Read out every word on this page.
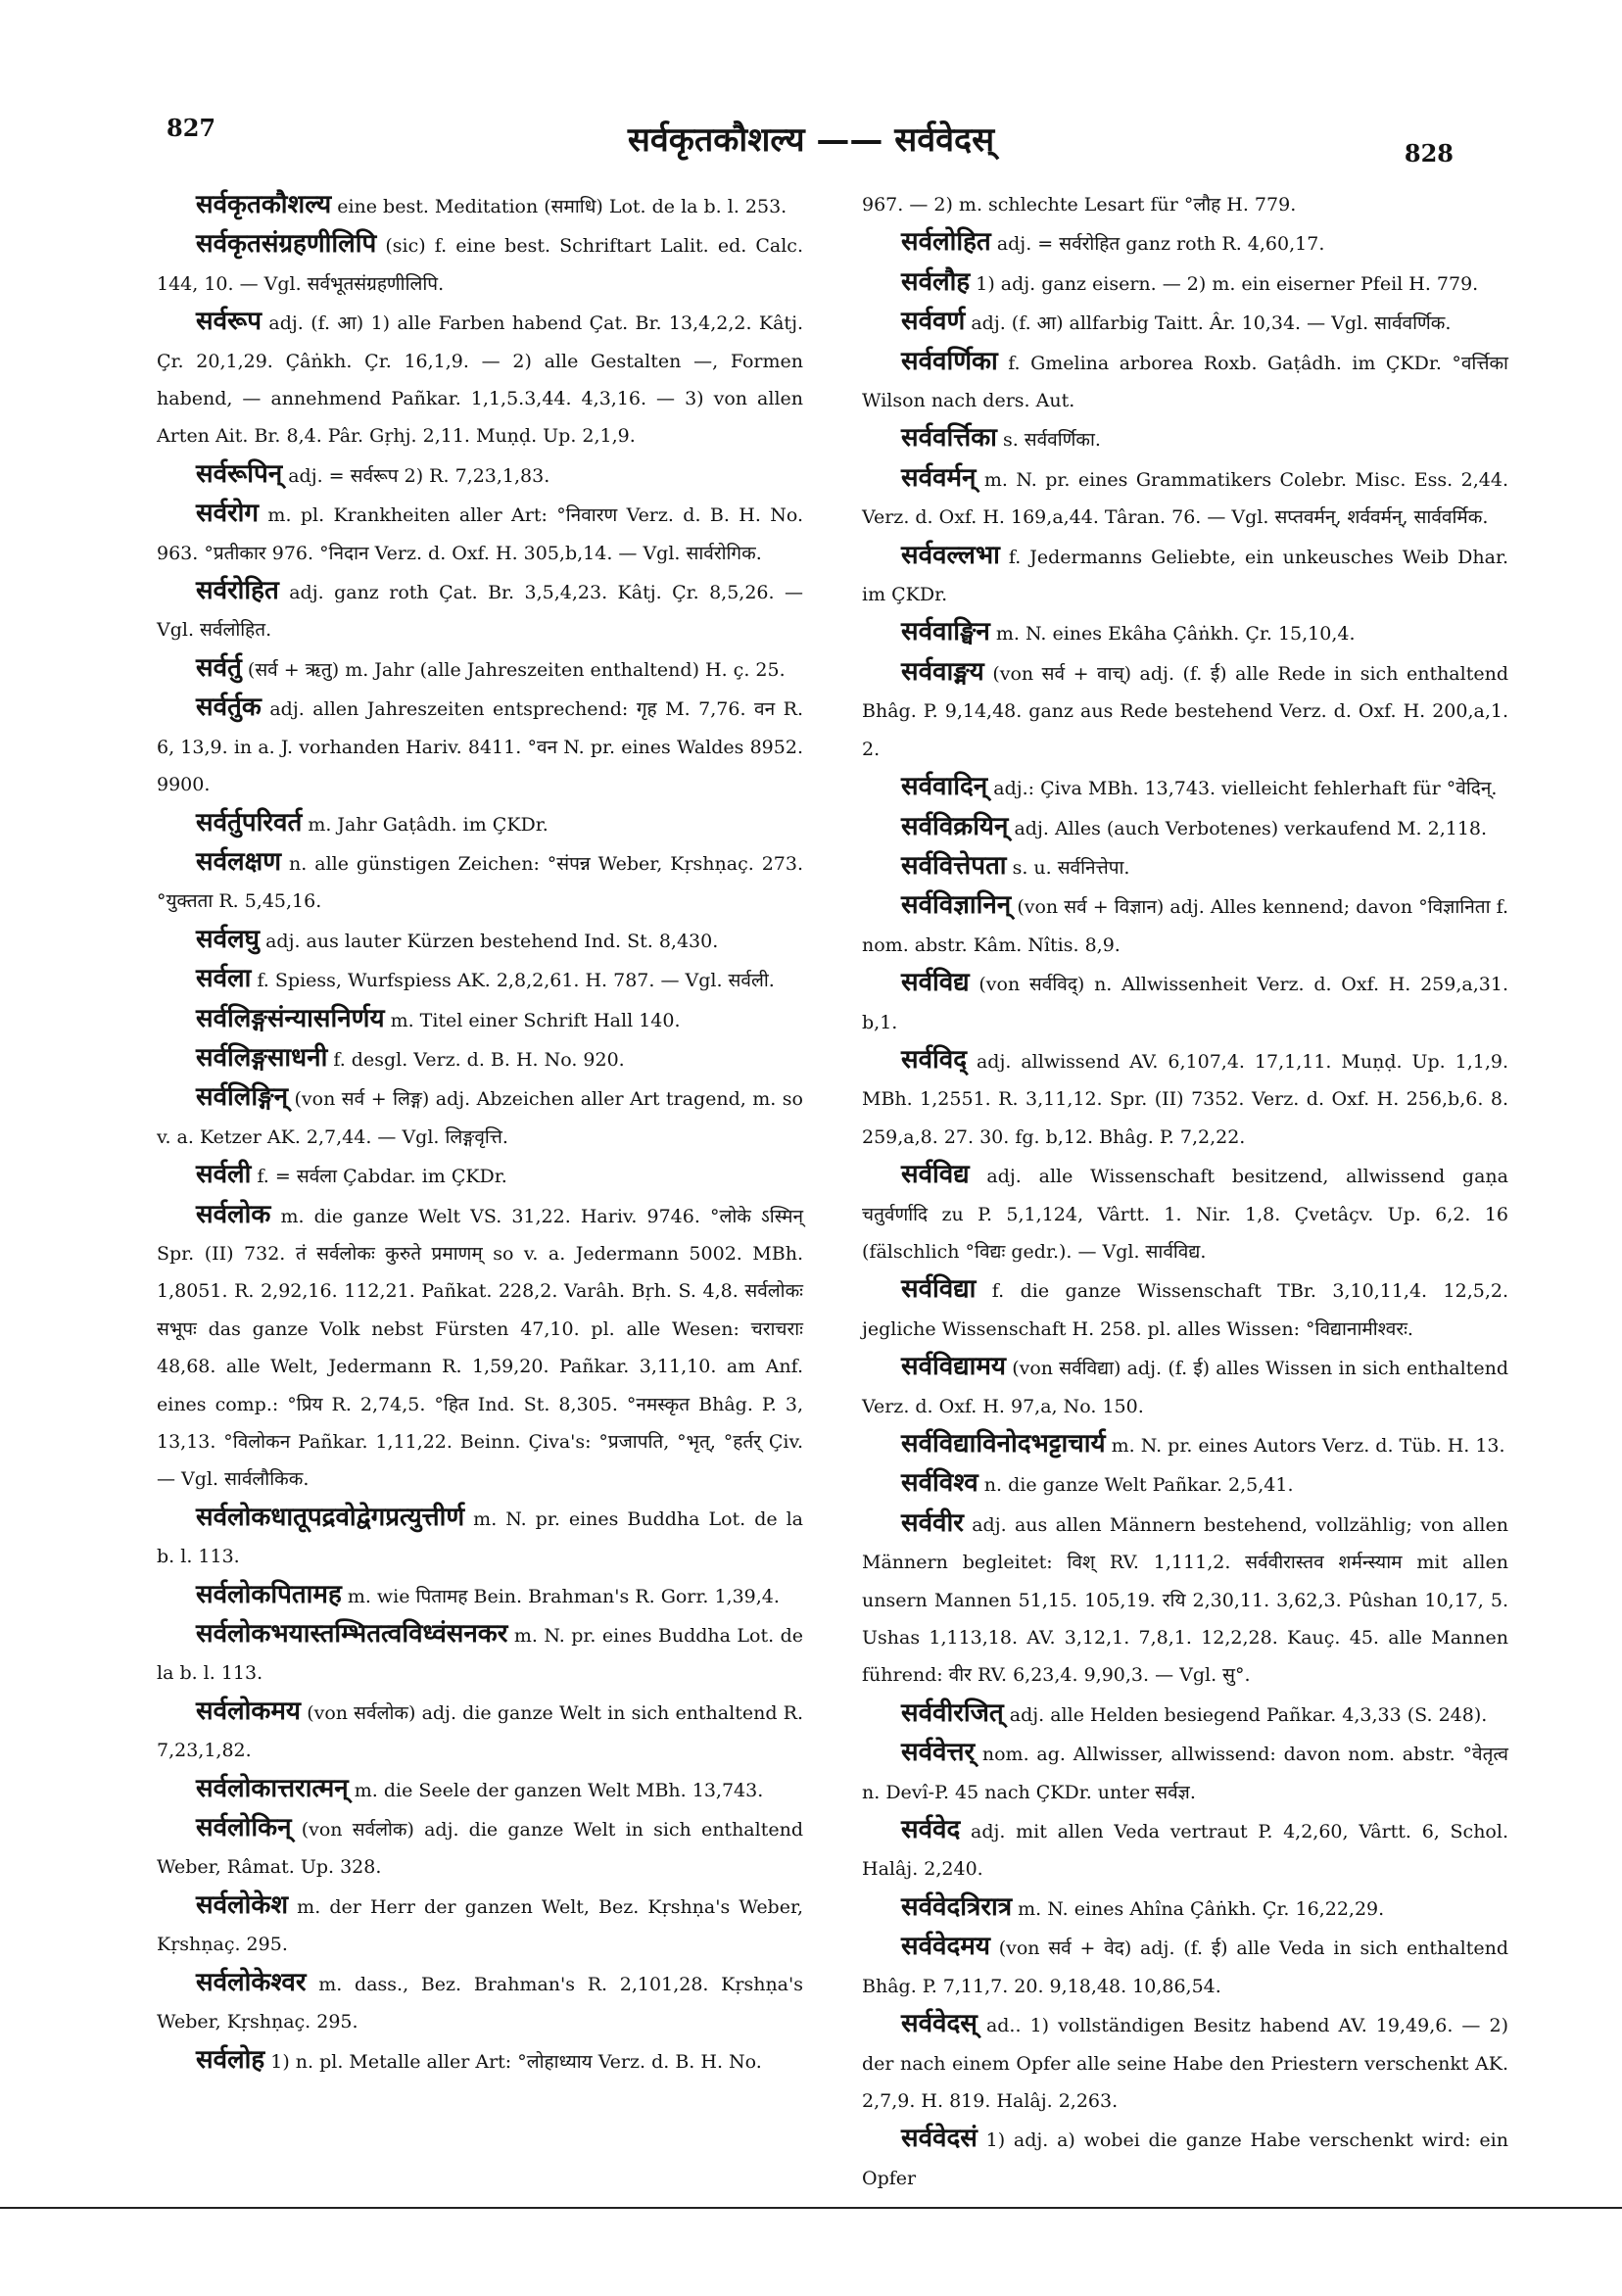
827	सर्वकृतकौशल्य —— सर्ववेदस्	828

सर्वकृतकौशल्य eine best. Meditation (समाधि) Lot. de la b. l. 253.

सर्वकृतसंग्रहणीलिपि (sic) f. eine best. Schriftart Lalit. ed. Calc. 144, 10. — Vgl. सर्वभूतसंग्रहणीलिपि.

सर्वरूप adj. (f. आ) 1) alle Farben habend Çat. Br. 13,4,2,2. Kâtj. Çr. 20,1,29. Çâṅkh. Çr. 16,1,9. — 2) alle Gestalten —, Formen habend, — annehmend Pañkar. 1,1,5.3,44. 4,3,16. — 3) von allen Arten Ait. Br. 8,4. Pâr. Gṛhj. 2,11. Muṇḍ. Up. 2,1,9.

सर्वरूपिन् adj. = सर्वरूप 2) R. 7,23,1,83.

सर्वरोग m. pl. Krankheiten aller Art: °निवारण Verz. d. B. H. No. 963. °प्रतीकार 976. °निदान Verz. d. Oxf. H. 305,b,14. — Vgl. सार्वरोगिक.

सर्वरोहित adj. ganz roth Çat. Br. 3,5,4,23. Kâtj. Çr. 8,5,26. — Vgl. सर्वलोहित.

सर्वर्तु (सर्व + ऋतु) m. Jahr (alle Jahreszeiten enthaltend) H. ç. 25.

सर्वर्तुक adj. allen Jahreszeiten entsprechend: गृह M. 7,76. वन R. 6, 13,9. in a. J. vorhanden Hariv. 8411. °वन N. pr. eines Waldes 8952. 9900.

सर्वर्तुपरिवर्त m. Jahr Gaṭâdh. im ÇKDr.

सर्वलक्षण n. alle günstigen Zeichen: °संपन्न Weber, Kṛshṇaç. 273. °युक्तता R. 5,45,16.

सर्वलघु adj. aus lauter Kürzen bestehend Ind. St. 8,430.

सर्वला f. Spiess, Wurfspiess AK. 2,8,2,61. H. 787. — Vgl. सर्वली.

सर्वलिङ्गसंन्यासनिर्णय m. Titel einer Schrift Hall 140.

सर्वलिङ्गसाधनी f. desgl. Verz. d. B. H. No. 920.

सर्वलिङ्गिन् (von सर्व + लिङ्ग) adj. Abzeichen aller Art tragend, m. so v. a. Ketzer AK. 2,7,44. — Vgl. लिङ्गवृत्ति.

सर्वली f. = सर्वला Çabdar. im ÇKDr.

सर्वलोक m. die ganze Welt VS. 31,22. Hariv. 9746. °लोके ऽस्मिन् Spr. (II) 732. तं सर्वलोकः कुरुते प्रमाणम् so v. a. Jedermann 5002. MBh. 1,8051. R. 2,92,16. 112,21. Pañkat. 228,2. Varâh. Bṛh. S. 4,8. सर्वलोकः सभूपः das ganze Volk nebst Fürsten 47,10. pl. alle Wesen: चराचराः 48,68. alle Welt, Jedermann R. 1,59,20. Pañkar. 3,11,10. am Anf. eines comp.: °प्रिय R. 2,74,5. °हित Ind. St. 8,305. °नमस्कृत Bhâg. P. 3, 13,13. °विलोकन Pañkar. 1,11,22. Beinn. Çiva's: °प्रजापति, °भृत्, °हर्तर् Çiv. — Vgl. सार्वलौकिक.

सर्वलोकधातूपद्रवोद्वेगप्रत्युत्तीर्ण m. N. pr. eines Buddha Lot. de la b. l. 113.

सर्वलोकपितामह m. wie पितामह Bein. Brahman's R. Gorr. 1,39,4.

सर्वलोकभयास्तम्भितत्वविध्वंसनकर m. N. pr. eines Buddha Lot. de la b. l. 113.

सर्वलोकमय (von सर्वलोक) adj. die ganze Welt in sich enthaltend R. 7,23,1,82.

सर्वलोकात्तरात्मन् m. die Seele der ganzen Welt MBh. 13,743.

सर्वलोकिन् (von सर्वलोक) adj. die ganze Welt in sich enthaltend Weber, Râmat. Up. 328.

सर्वलोकेश m. der Herr der ganzen Welt, Bez. Kṛshṇa's Weber, Kṛshṇaç. 295.

सर्वलोकेश्वर m. dass., Bez. Brahman's R. 2,101,28. Kṛshṇa's Weber, Kṛshṇaç. 295.

सर्वलोह 1) n. pl. Metalle aller Art: °लोहाध्याय Verz. d. B. H. No.

967. — 2) m. schlechte Lesart für °लौह H. 779.

सर्वलोहित adj. = सर्वरोहित ganz roth R. 4,60,17.

सर्वलौह 1) adj. ganz eisern. — 2) m. ein eiserner Pfeil H. 779.

सर्ववर्ण adj. (f. आ) allfarbig Taitt. Âr. 10,34. — Vgl. सार्ववर्णिक.

सर्ववर्णिका f. Gmelina arborea Roxb. Gaṭâdh. im ÇKDr. °वर्त्तिका Wilson nach ders. Aut.

सर्ववर्त्तिका s. सर्ववर्णिका.

सर्ववर्मन् m. N. pr. eines Grammatikers Colebr. Misc. Ess. 2,44. Verz. d. Oxf. H. 169,a,44. Târan. 76. — Vgl. सप्तवर्मन्, शर्ववर्मन्, सार्ववर्मिक.

सर्ववल्लभा f. Jedermanns Geliebte, ein unkeusches Weib Dhar. im ÇKDr.

सर्ववाङ्घिन m. N. eines Ekâha Çâṅkh. Çr. 15,10,4.

सर्ववाङ्मय (von सर्व + वाच्) adj. (f. ई) alle Rede in sich enthaltend Bhâg. P. 9,14,48. ganz aus Rede bestehend Verz. d. Oxf. H. 200,a,1. 2.

सर्ववादिन् adj.: Çiva MBh. 13,743. vielleicht fehlerhaft für °वेदिन्.

सर्वविक्रयिन् adj. Alles (auch Verbotenes) verkaufend M. 2,118.

सर्ववित्तेपता s. u. सर्वनित्तेपा.

सर्वविज्ञानिन् (von सर्व + विज्ञान) adj. Alles kennend; davon °विज्ञानिता f. nom. abstr. Kâm. Nîtis. 8,9.

सर्वविद्य (von सर्वविद्) n. Allwissenheit Verz. d. Oxf. H. 259,a,31. b,1.

सर्वविद् adj. allwissend AV. 6,107,4. 17,1,11. Muṇḍ. Up. 1,1,9. MBh. 1,2551. R. 3,11,12. Spr. (II) 7352. Verz. d. Oxf. H. 256,b,6. 8. 259,a,8. 27. 30. fg. b,12. Bhâg. P. 7,2,22.

सर्वविद्य adj. alle Wissenschaft besitzend, allwissend gaṇa चतुर्वर्णादि zu P. 5,1,124, Vârtt. 1. Nir. 1,8. Çvetâçv. Up. 6,2. 16 (fälschlich °विद्यः gedr.). — Vgl. सार्वविद्य.

सर्वविद्या f. die ganze Wissenschaft TBr. 3,10,11,4. 12,5,2. jegliche Wissenschaft H. 258. pl. alles Wissen: °विद्यानामीश्वरः.

सर्वविद्यामय (von सर्वविद्या) adj. (f. ई) alles Wissen in sich enthaltend Verz. d. Oxf. H. 97,a, No. 150.

सर्वविद्याविनोदभट्टाचार्य m. N. pr. eines Autors Verz. d. Tüb. H. 13.

सर्वविश्व n. die ganze Welt Pañkar. 2,5,41.

सर्ववीर adj. aus allen Männern bestehend, vollzählig; von allen Männern begleitet: विश् RV. 1,111,2. सर्ववीरास्तव शर्मन्स्याम mit allen unsern Mannen 51,15. 105,19. रयि 2,30,11. 3,62,3. Pûshan 10,17, 5. Ushas 1,113,18. AV. 3,12,1. 7,8,1. 12,2,28. Kauç. 45. alle Mannen führend: वीर RV. 6,23,4. 9,90,3. — Vgl. सु°.

सर्ववीरजित् adj. alle Helden besiegend Pañkar. 4,3,33 (S. 248).

सर्ववेत्तर् nom. ag. Allwisser, allwissend: davon nom. abstr. °वेतृत्व n. Devî-P. 45 nach ÇKDr. unter सर्वज्ञ.

सर्ववेद adj. mit allen Veda vertraut P. 4,2,60, Vârtt. 6, Schol. Halâj. 2,240.

सर्ववेदत्रिरात्र m. N. eines Ahîna Çâṅkh. Çr. 16,22,29.

सर्ववेदमय (von सर्व + वेद) adj. (f. ई) alle Veda in sich enthaltend Bhâg. P. 7,11,7. 20. 9,18,48. 10,86,54.

सर्ववेदस् ad.. 1) vollständigen Besitz habend AV. 19,49,6. — 2) der nach einem Opfer alle seine Habe den Priestern verschenkt AK. 2,7,9. H. 819. Halâj. 2,263.

सर्ववेदसं 1) adj. a) wobei die ganze Habe verschenkt wird: ein Opfer
